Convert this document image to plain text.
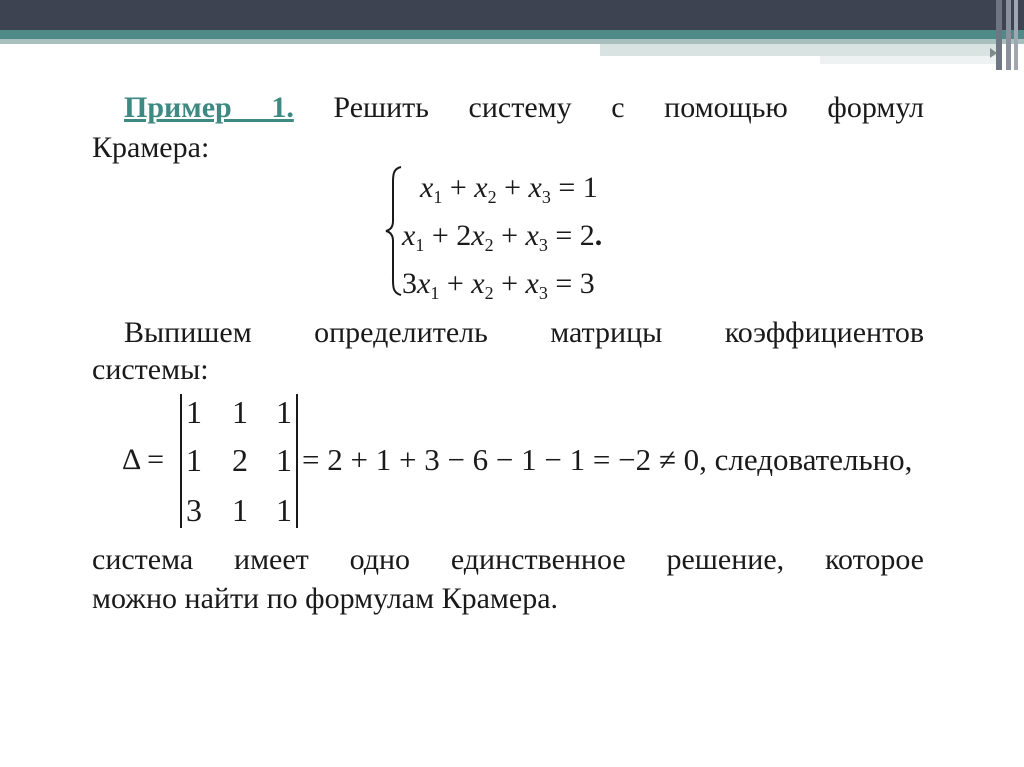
Пример 1. Решить систему с помощью формул
Крамера:
$x_1 + x_2 + x_3 = 1$
$x_1 + 2x_2 + x_3 = 2$.
$3x_1 + x_2 + x_3 = 3$
Выпишем определитель матрицы коэффициентов
системы:
Δ =
1 1 1
1 2 1
3 1 1
= 2 + 1 + 3 − 6 − 1 − 1 = −2 ≠ 0, следовательно,
система имеет одно единственное решение, которое
можно найти по формулам Крамера.
